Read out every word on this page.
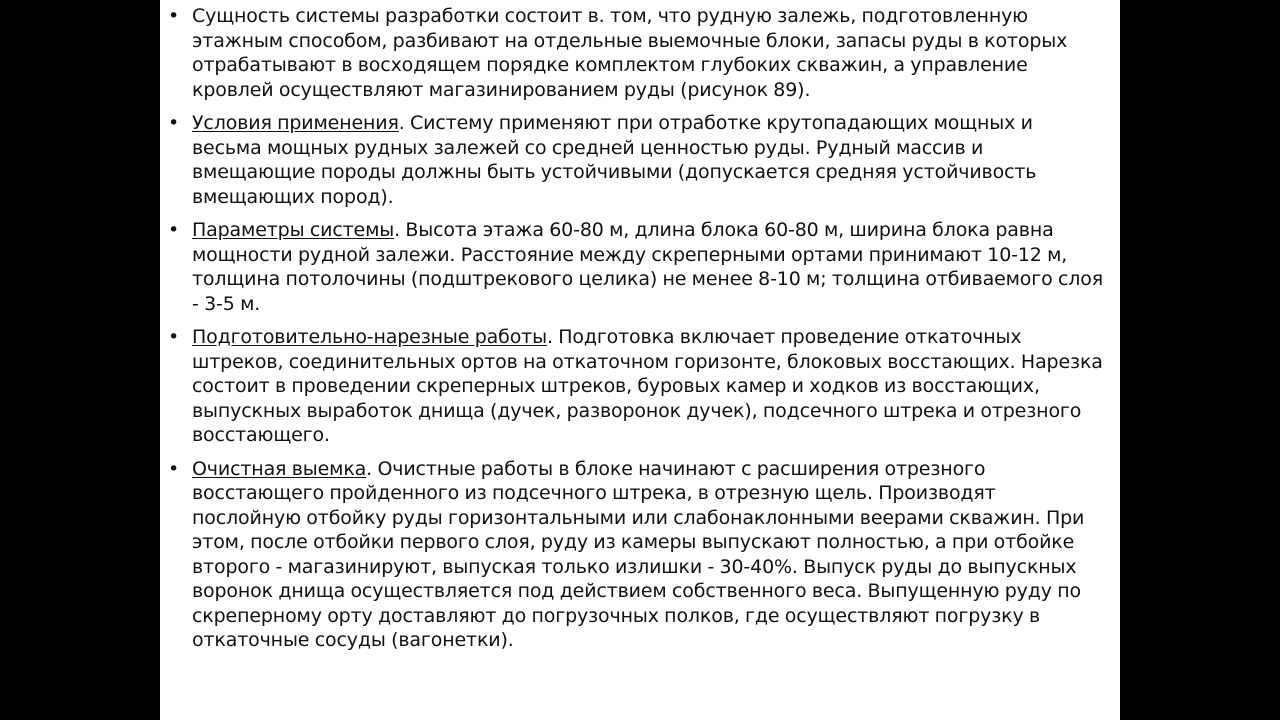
• Сущность системы разработки состоит в. том, что рудную залежь, подготовленную этажным способом, разбивают на отдельные выемочные блоки, запасы руды в которых отрабатывают в восходящем порядке комплектом глубоких скважин, а управление кровлей осуществляют магазинированием руды (рисунок 89).
• Условия применения. Систему применяют при отработке крутопадающих мощных и весьма мощных рудных залежей со средней ценностью руды. Рудный массив и вмещающие породы должны быть устойчивыми (допускается средняя устойчивость вмещающих пород).
• Параметры системы. Высота этажа 60-80 м, длина блока 60-80 м, ширина блока равна мощности рудной залежи. Расстояние между скреперными ортами принимают 10-12 м, толщина потолочины (подштрекового целика) не менее 8-10 м; толщина отбиваемого слоя - 3-5 м.
• Подготовительно-нарезные работы. Подготовка включает проведение откаточных штреков, соединительных ортов на откаточном горизонте, блоковых восстающих. Нарезка состоит в проведении скреперных штреков, буровых камер и ходков из восстающих, выпускных выработок днища (дучек, разворонок дучек), подсечного штрека и отрезного восстающего.
• Очистная выемка. Очистные работы в блоке начинают с расширения отрезного восстающего пройденного из подсечного штрека, в отрезную щель. Производят послойную отбойку руды горизонтальными или слабонаклонными веерами скважин. При этом, после отбойки первого слоя, руду из камеры выпускают полностью, а при отбойке второго - магазинируют, выпуская только излишки - 30-40%. Выпуск руды до выпускных воронок днища осуществляется под действием собственного веса. Выпущенную руду по скреперному орту доставляют до погрузочных полков, где осуществляют погрузку в откаточные сосуды (вагонетки).
